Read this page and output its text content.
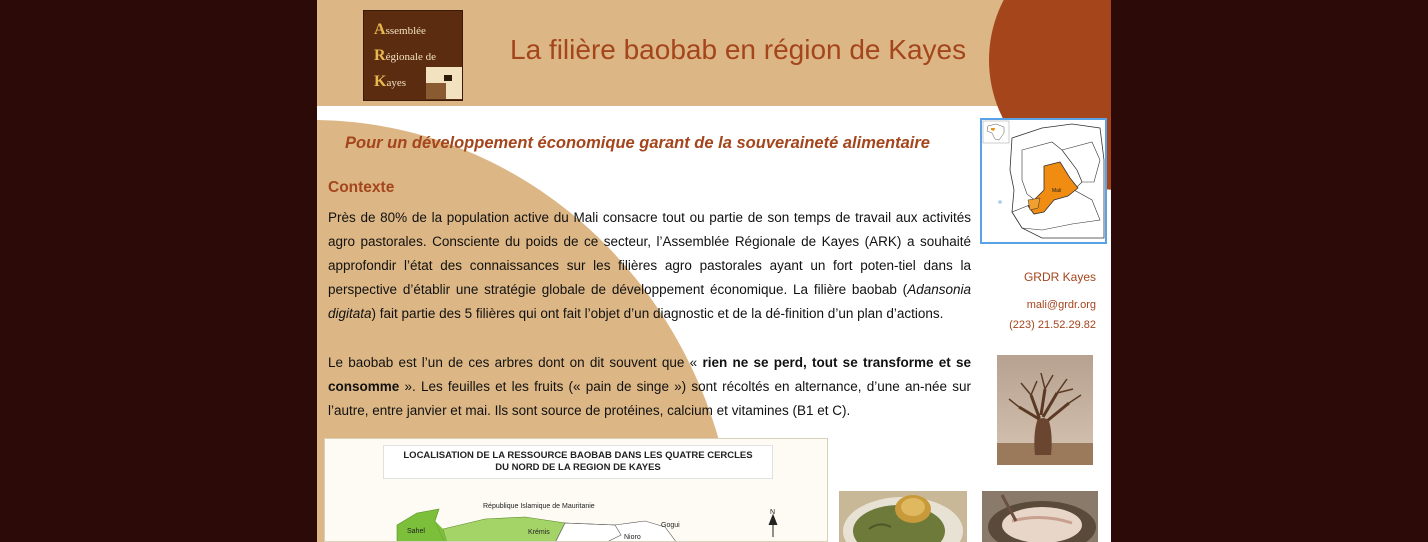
Assemblée
Régionale de
Kayes
La filière baobab en région de Kayes
Pour un développement économique garant de la souveraineté alimentaire
Contexte

Près de 80% de la population active du Mali consacre tout ou partie de son temps de travail aux activités agro pastorales. Consciente du poids de ce secteur, l’Assemblée Régionale de Kayes (ARK) a souhaité approfondir l’état des connaissances sur les filières agro pastorales ayant un fort poten-tiel dans la perspective d’établir une stratégie globale de développement économique. La filière baobab (Adansonia digitata) fait partie des 5 filières qui ont fait l’objet d’un diagnostic et de la dé-finition d’un plan d’actions.

Le baobab est l’un de ces arbres dont on dit souvent que « rien ne se perd, tout se transforme et se consomme ». Les feuilles et les fruits (« pain de singe ») sont récoltés en alternance, d’une an-née sur l’autre, entre janvier et mai. Ils sont source de protéines, calcium et vitamines (B1 et C).

Mali
GRDR Kayes
mali@grdr.org
(223) 21.52.29.82

LOCALISATION DE LA RESSOURCE BAOBAB DANS LES QUATRE CERCLES
DU NORD DE LA REGION DE KAYES

République Islamique de Mauritanie
Sahel	Krémis
Nioro
Gogui
N
